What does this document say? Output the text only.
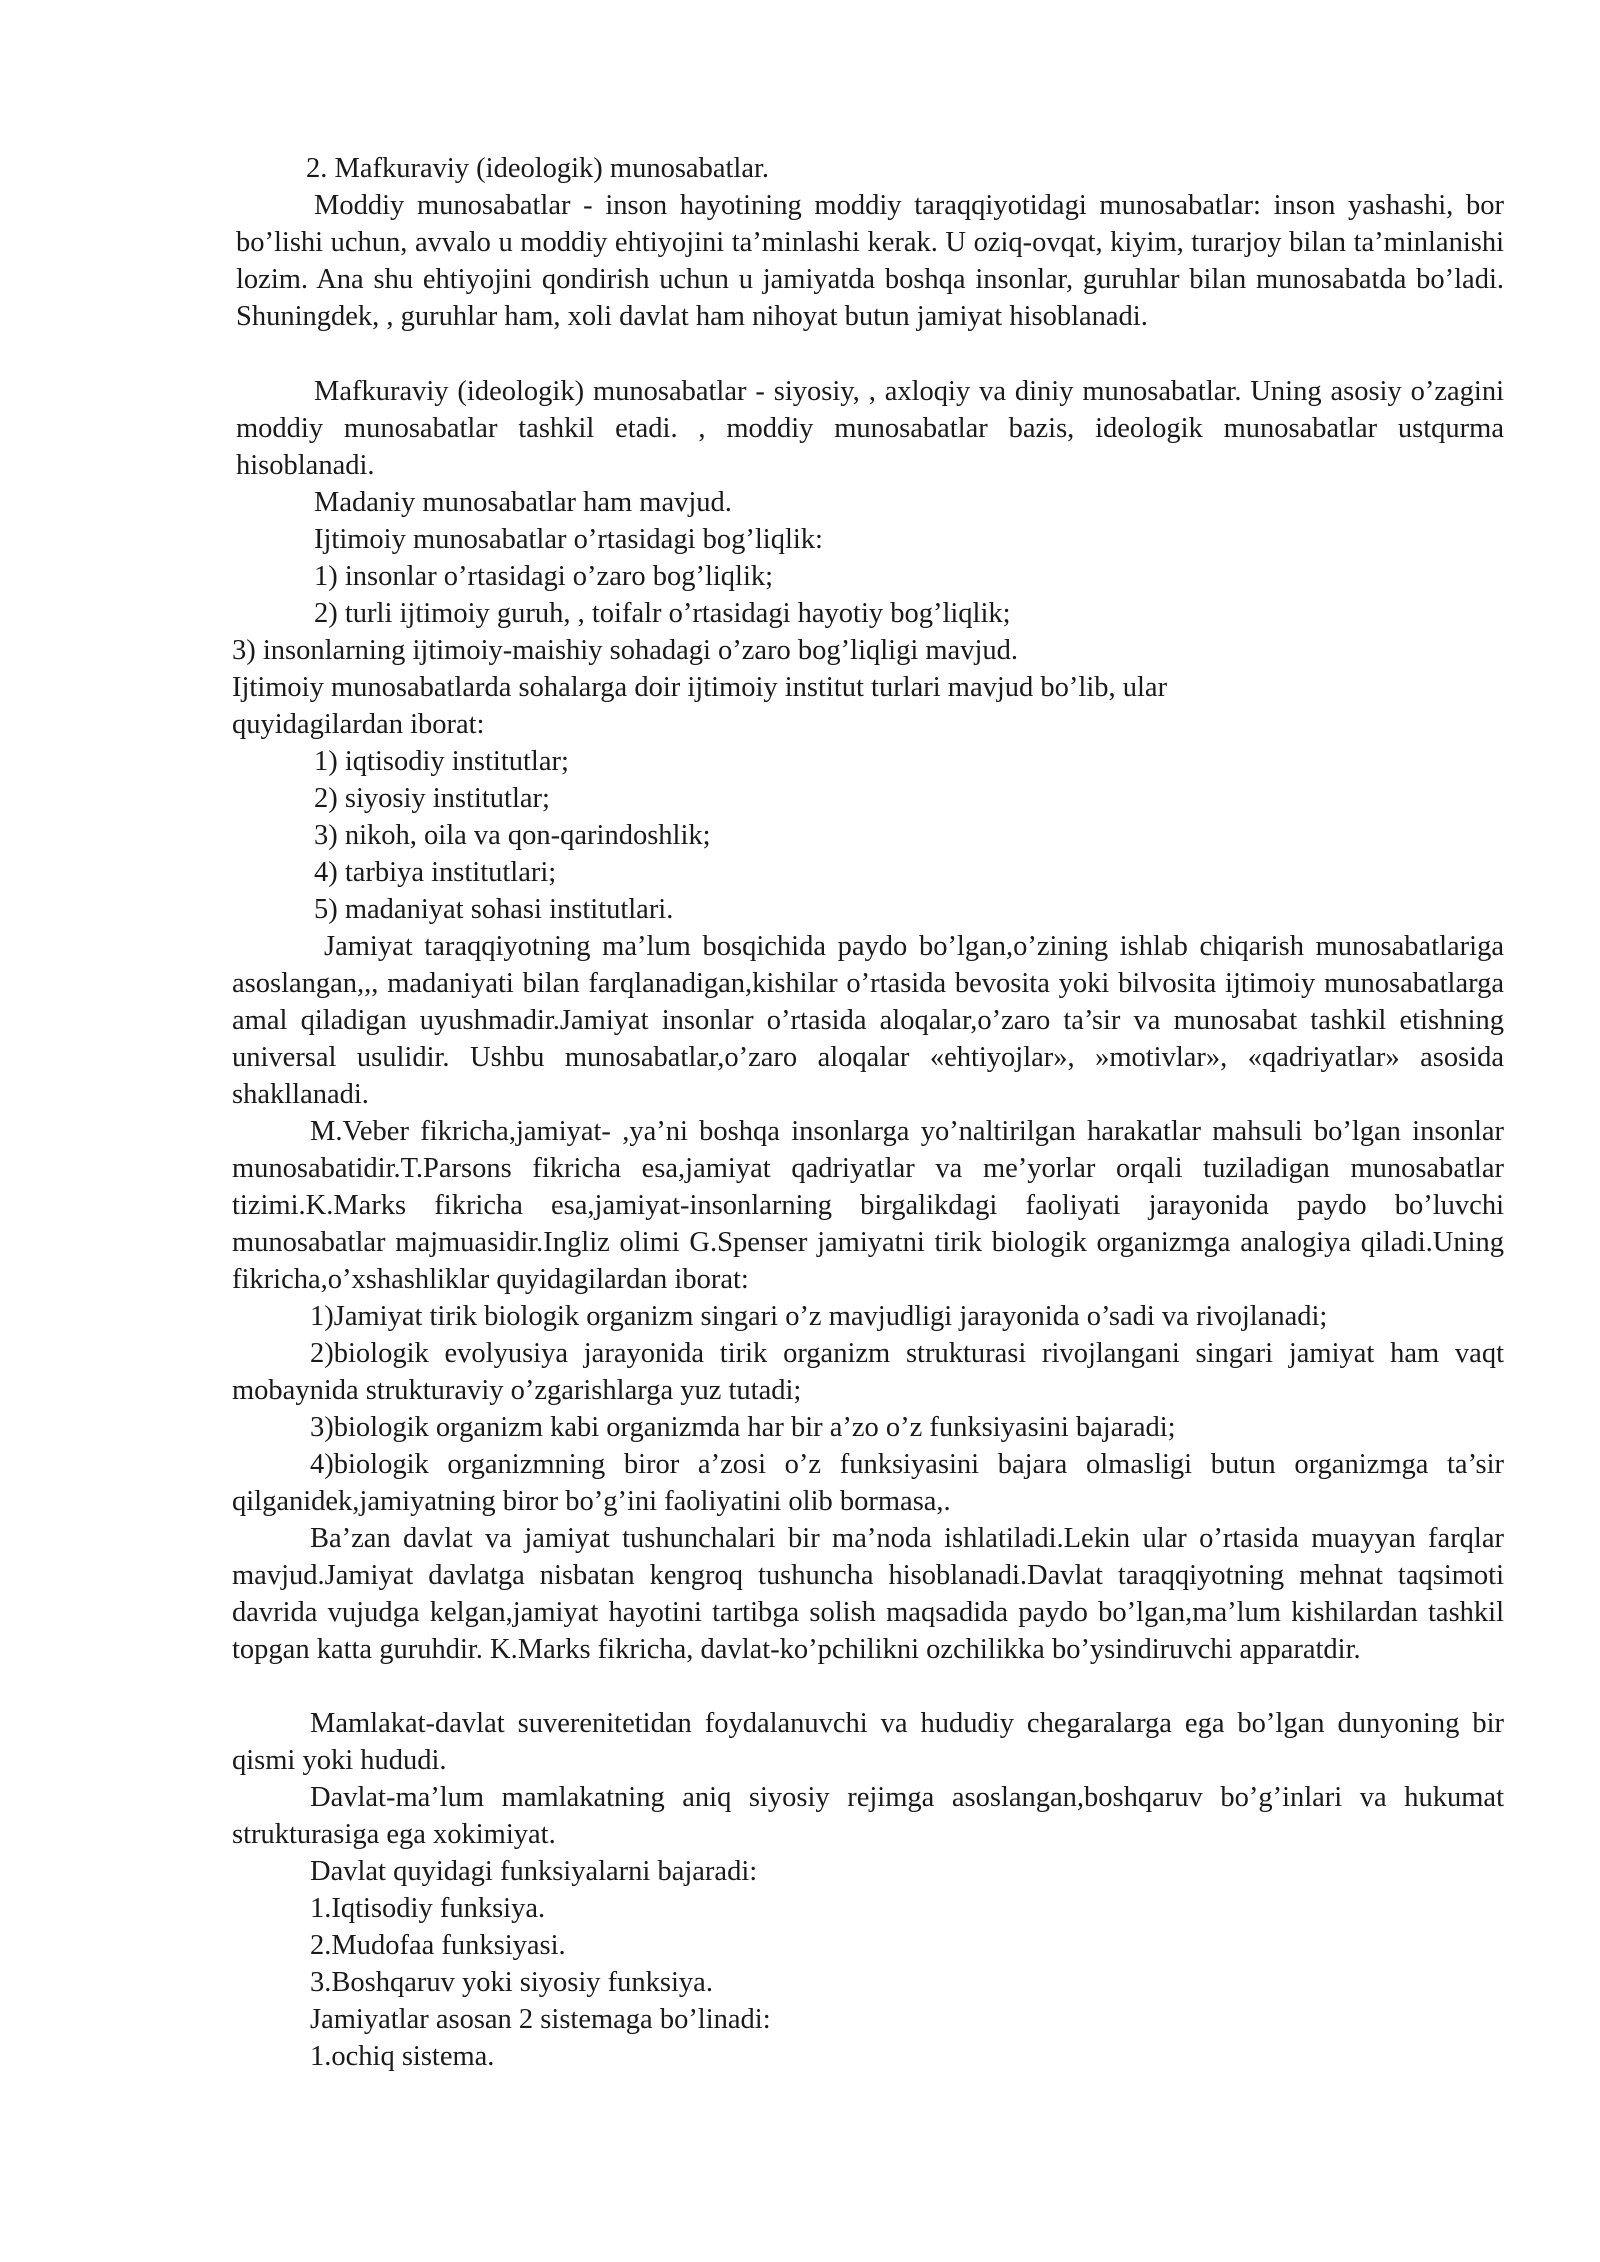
2. Mafkuraviy (ideologik) munosabatlar.

Moddiy munosabatlar - inson hayotining moddiy taraqqiyotidagi munosabatlar: inson yashashi, bor bo’lishi uchun, avvalo u moddiy ehtiyojini ta’minlashi kerak. U oziq-ovqat, kiyim, turarjoy bilan ta’minlanishi lozim. Ana shu ehtiyojini qondirish uchun u jamiyatda boshqa insonlar, guruhlar bilan munosabatda bo’ladi. Shuningdek, , guruhlar ham, xoli davlat ham nihoyat butun jamiyat hisoblanadi.

Mafkuraviy (ideologik) munosabatlar - siyosiy, , axloqiy va diniy munosabatlar. Uning asosiy o’zagini moddiy munosabatlar tashkil etadi. , moddiy munosabatlar bazis, ideologik munosabatlar ustqurma hisoblanadi.

Madaniy munosabatlar ham mavjud.

Ijtimoiy munosabatlar o’rtasidagi bog’liqlik:

1) insonlar o’rtasidagi o’zaro bog’liqlik;

2) turli ijtimoiy guruh, , toifalr o’rtasidagi hayotiy bog’liqlik;

3) insonlarning ijtimoiy-maishiy sohadagi o’zaro bog’liqligi mavjud.

Ijtimoiy munosabatlarda sohalarga doir ijtimoiy institut turlari mavjud bo’lib, ular

quyidagilardan iborat:

1) iqtisodiy institutlar;

2) siyosiy institutlar;

3) nikoh, oila va qon-qarindoshlik;

4) tarbiya institutlari;

5) madaniyat sohasi institutlari.

Jamiyat taraqqiyotning ma’lum bosqichida paydo bo’lgan,o’zining ishlab chiqarish munosabatlariga asoslangan,,, madaniyati bilan farqlanadigan,kishilar o’rtasida bevosita yoki bilvosita ijtimoiy munosabatlarga amal qiladigan uyushmadir.Jamiyat insonlar o’rtasida aloqalar,o’zaro ta’sir va munosabat tashkil etishning universal usulidir. Ushbu munosabatlar,o’zaro aloqalar «ehtiyojlar», »motivlar», «qadriyatlar» asosida shakllanadi.

M.Veber fikricha,jamiyat- ,ya’ni boshqa insonlarga yo’naltirilgan harakatlar mahsuli bo’lgan insonlar munosabatidir.T.Parsons fikricha esa,jamiyat qadriyatlar va me’yorlar orqali tuziladigan munosabatlar tizimi.K.Marks fikricha esa,jamiyat-insonlarning birgalikdagi faoliyati jarayonida paydo bo’luvchi munosabatlar majmuasidir.Ingliz olimi G.Spenser jamiyatni tirik biologik organizmga analogiya qiladi.Uning fikricha,o’xshashliklar quyidagilardan iborat:

1)Jamiyat tirik biologik organizm singari o’z mavjudligi jarayonida o’sadi va rivojlanadi;

2)biologik evolyusiya jarayonida tirik organizm strukturasi rivojlangani singari jamiyat ham vaqt mobaynida strukturaviy o’zgarishlarga yuz tutadi;

3)biologik organizm kabi organizmda har bir a’zo o’z funksiyasini bajaradi;

4)biologik organizmning biror a’zosi o’z funksiyasini bajara olmasligi butun organizmga ta’sir qilganidek,jamiyatning biror bo’g’ini faoliyatini olib bormasa,.

Ba’zan davlat va jamiyat tushunchalari bir ma’noda ishlatiladi.Lekin ular o’rtasida muayyan farqlar mavjud.Jamiyat davlatga nisbatan kengroq tushuncha hisoblanadi.Davlat taraqqiyotning mehnat taqsimoti davrida vujudga kelgan,jamiyat hayotini tartibga solish maqsadida paydo bo’lgan,ma’lum kishilardan tashkil topgan katta guruhdir. K.Marks fikricha, davlat-ko’pchilikni ozchilikka bo’ysindiruvchi apparatdir.

Mamlakat-davlat suverenitetidan foydalanuvchi va hududiy chegaralarga ega bo’lgan dunyoning bir qismi yoki hududi.

Davlat-ma’lum mamlakatning aniq siyosiy rejimga asoslangan,boshqaruv bo’g’inlari va hukumat strukturasiga ega xokimiyat.

Davlat quyidagi funksiyalarni bajaradi:

1.Iqtisodiy funksiya.

2.Mudofaa funksiyasi.

3.Boshqaruv yoki siyosiy funksiya.

Jamiyatlar asosan 2 sistemaga bo’linadi:

1.ochiq sistema.
